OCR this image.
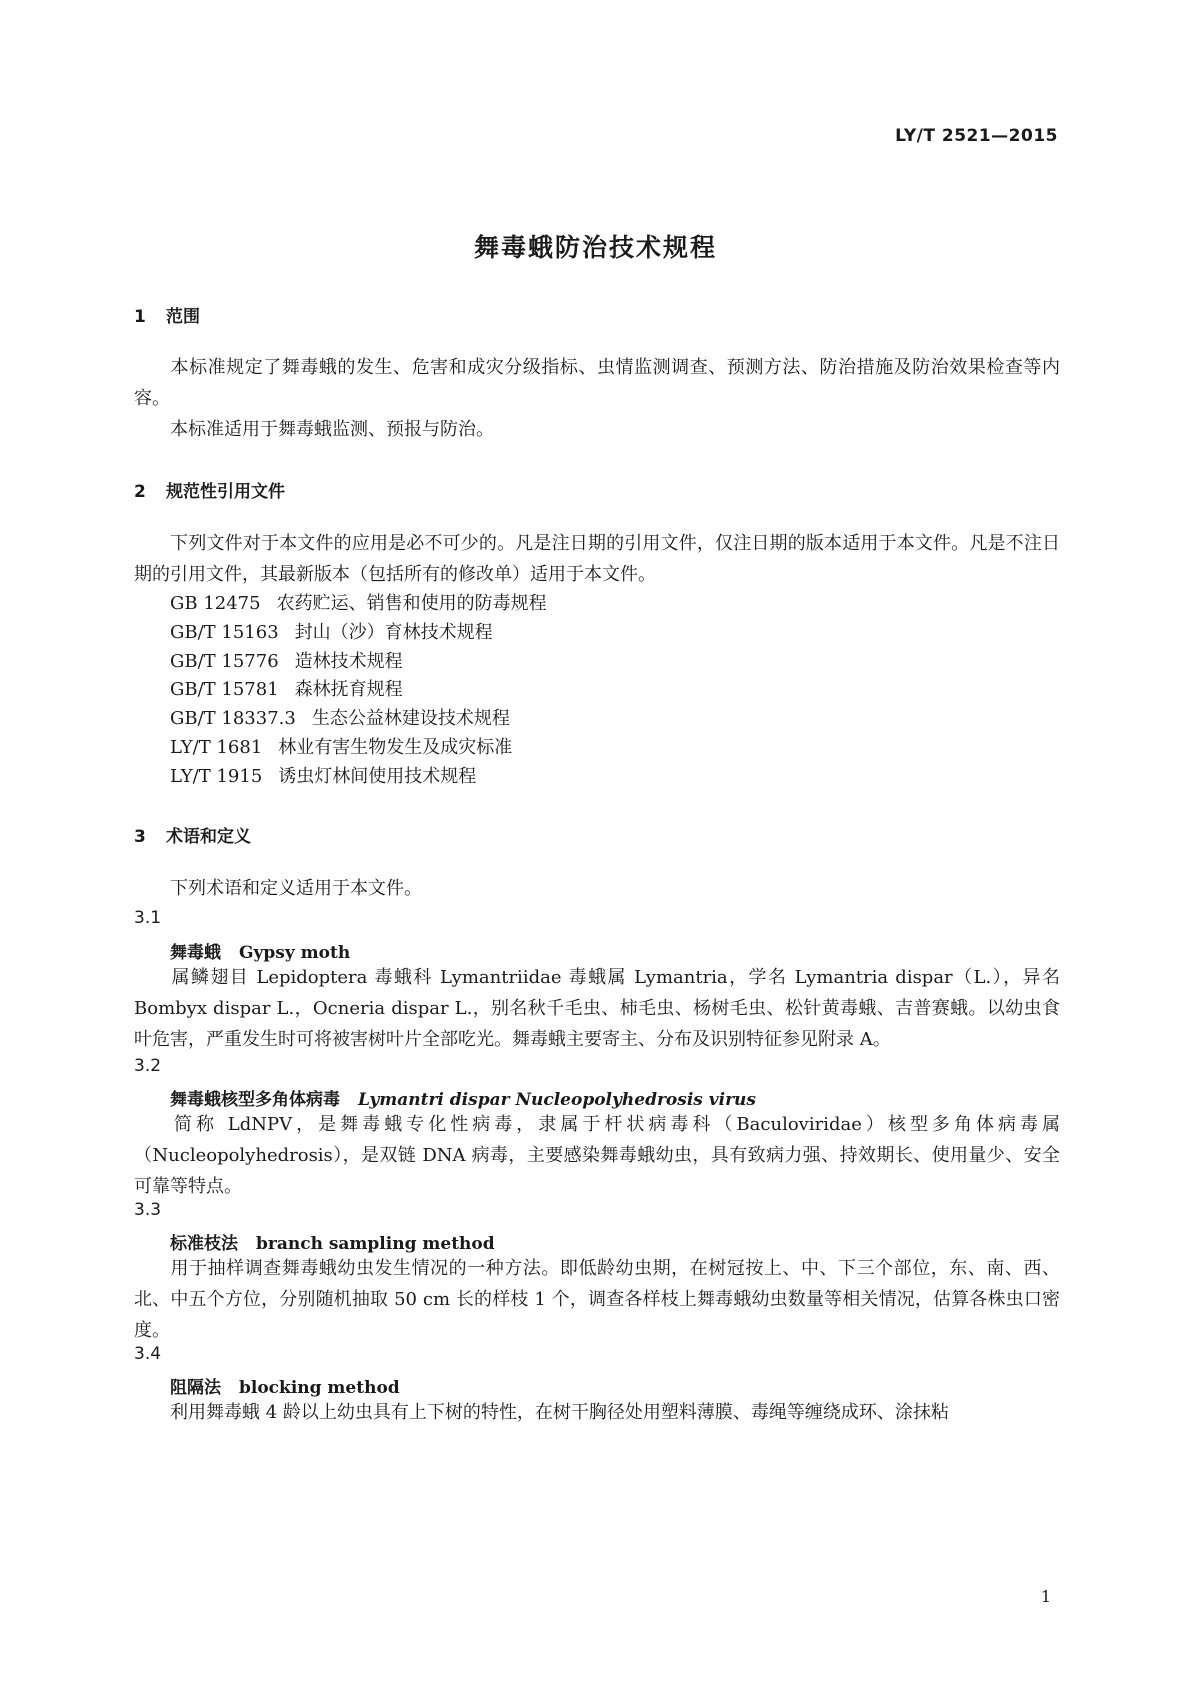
LY/T 2521—2015
舞毒蛾防治技术规程
1 范围
本标准规定了舞毒蛾的发生、危害和成灾分级指标、虫情监测调查、预测方法、防治措施及防治效果检查等内容。
本标准适用于舞毒蛾监测、预报与防治。
2 规范性引用文件
下列文件对于本文件的应用是必不可少的。凡是注日期的引用文件，仅注日期的版本适用于本文件。凡是不注日期的引用文件，其最新版本（包括所有的修改单）适用于本文件。
GB 12475 农药贮运、销售和使用的防毒规程
GB/T 15163 封山（沙）育林技术规程
GB/T 15776 造林技术规程
GB/T 15781 森林抚育规程
GB/T 18337.3 生态公益林建设技术规程
LY/T 1681 林业有害生物发生及成灾标准
LY/T 1915 诱虫灯林间使用技术规程
3 术语和定义
下列术语和定义适用于本文件。
3.1
舞毒蛾 Gypsy moth
属鳞翅目 Lepidoptera 毒蛾科 Lymantriidae 毒蛾属 Lymantria，学名 Lymantria dispar（L.），异名 Bombyx dispar L.，Ocneria dispar L.，别名秋千毛虫、柿毛虫、杨树毛虫、松针黄毒蛾、吉普赛蛾。以幼虫食叶危害，严重发生时可将被害树叶片全部吃光。舞毒蛾主要寄主、分布及识别特征参见附录 A。
3.2
舞毒蛾核型多角体病毒 Lymantri dispar Nucleopolyhedrosis virus
简称 LdNPV，是舞毒蛾专化性病毒，隶属于杆状病毒科（Baculoviridae）核型多角体病毒属（Nucleopolyhedrosis），是双链 DNA 病毒，主要感染舞毒蛾幼虫，具有致病力强、持效期长、使用量少、安全可靠等特点。
3.3
标准枝法 branch sampling method
用于抽样调查舞毒蛾幼虫发生情况的一种方法。即低龄幼虫期，在树冠按上、中、下三个部位，东、南、西、北、中五个方位，分别随机抽取 50 cm 长的样枝 1 个，调查各样枝上舞毒蛾幼虫数量等相关情况，估算各株虫口密度。
3.4
阻隔法 blocking method
利用舞毒蛾 4 龄以上幼虫具有上下树的特性，在树干胸径处用塑料薄膜、毒绳等缠绕成环、涂抹粘
1
